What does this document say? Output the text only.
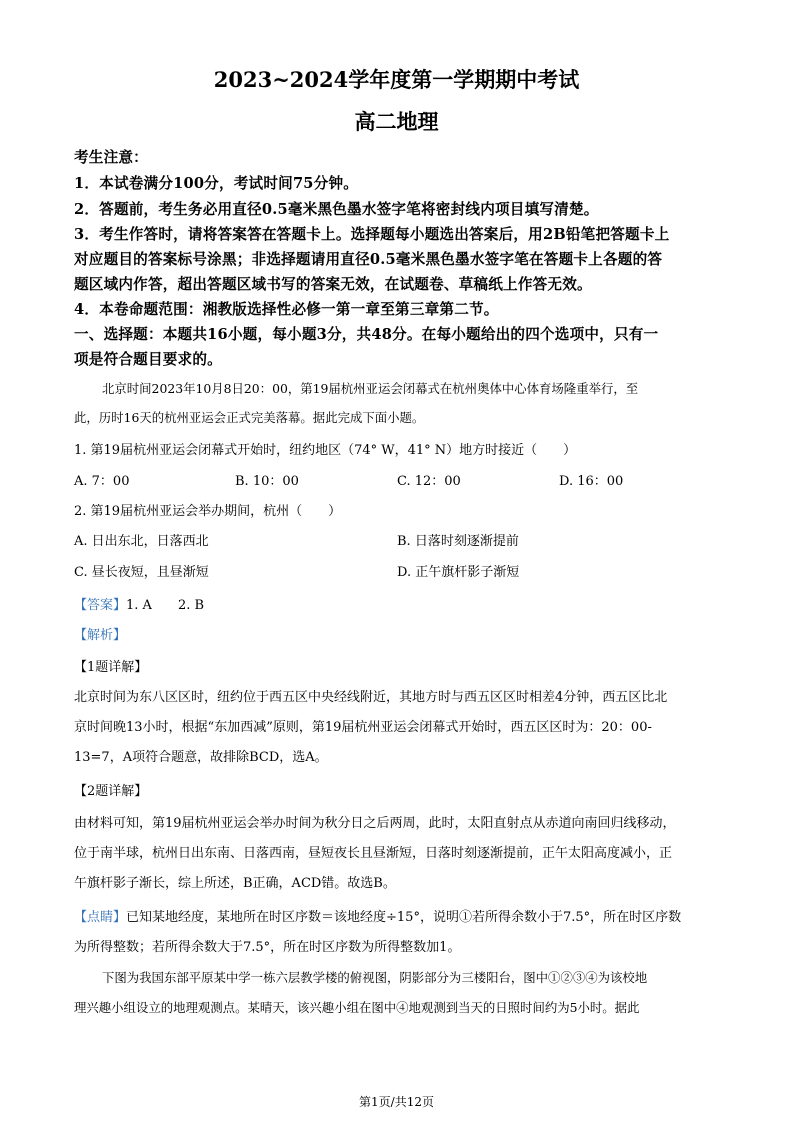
2023~2024学年度第一学期期中考试
高二地理
考生注意：
1．本试卷满分100分，考试时间75分钟。
2．答题前，考生务必用直径0.5毫米黑色墨水签字笔将密封线内项目填写清楚。
3．考生作答时，请将答案答在答题卡上。选择题每小题选出答案后，用2B铅笔把答题卡上
对应题目的答案标号涂黑；非选择题请用直径0.5毫米黑色墨水签字笔在答题卡上各题的答
题区域内作答，超出答题区域书写的答案无效，在试题卷、草稿纸上作答无效。
4．本卷命题范围：湘教版选择性必修一第一章至第三章第二节。
一、选择题：本题共16小题，每小题3分，共48分。在每小题给出的四个选项中，只有一
项是符合题目要求的。
北京时间2023年10月8日20：00，第19届杭州亚运会闭幕式在杭州奥体中心体育场隆重举行，至
此，历时16天的杭州亚运会正式完美落幕。据此完成下面小题。
1. 第19届杭州亚运会闭幕式开始时，纽约地区（74° W，41° N）地方时接近（　　）
A. 7：00	B. 10：00	C. 12：00	D. 16：00
2. 第19届杭州亚运会举办期间，杭州（　　）
A. 日出东北，日落西北	B. 日落时刻逐渐提前
C. 昼长夜短，且昼渐短	D. 正午旗杆影子渐短
【答案】1. A　　2. B
【解析】
【1题详解】
北京时间为东八区区时，纽约位于西五区中央经线附近，其地方时与西五区区时相差4分钟，西五区比北
京时间晚13小时，根据“东加西减”原则，第19届杭州亚运会闭幕式开始时，西五区区时为：20：00-
13=7，A项符合题意，故排除BCD，选A。
【2题详解】
由材料可知，第19届杭州亚运会举办时间为秋分日之后两周，此时，太阳直射点从赤道向南回归线移动，
位于南半球，杭州日出东南、日落西南，昼短夜长且昼渐短，日落时刻逐渐提前，正午太阳高度减小，正
午旗杆影子渐长，综上所述，B正确，ACD错。故选B。
【点睛】已知某地经度，某地所在时区序数＝该地经度÷15°，说明①若所得余数小于7.5°，所在时区序数
为所得整数；若所得余数大于7.5°，所在时区序数为所得整数加1。
下图为我国东部平原某中学一栋六层教学楼的俯视图，阴影部分为三楼阳台，图中①②③④为该校地
理兴趣小组设立的地理观测点。某晴天，该兴趣小组在图中④地观测到当天的日照时间约为5小时。据此
第1页/共12页
